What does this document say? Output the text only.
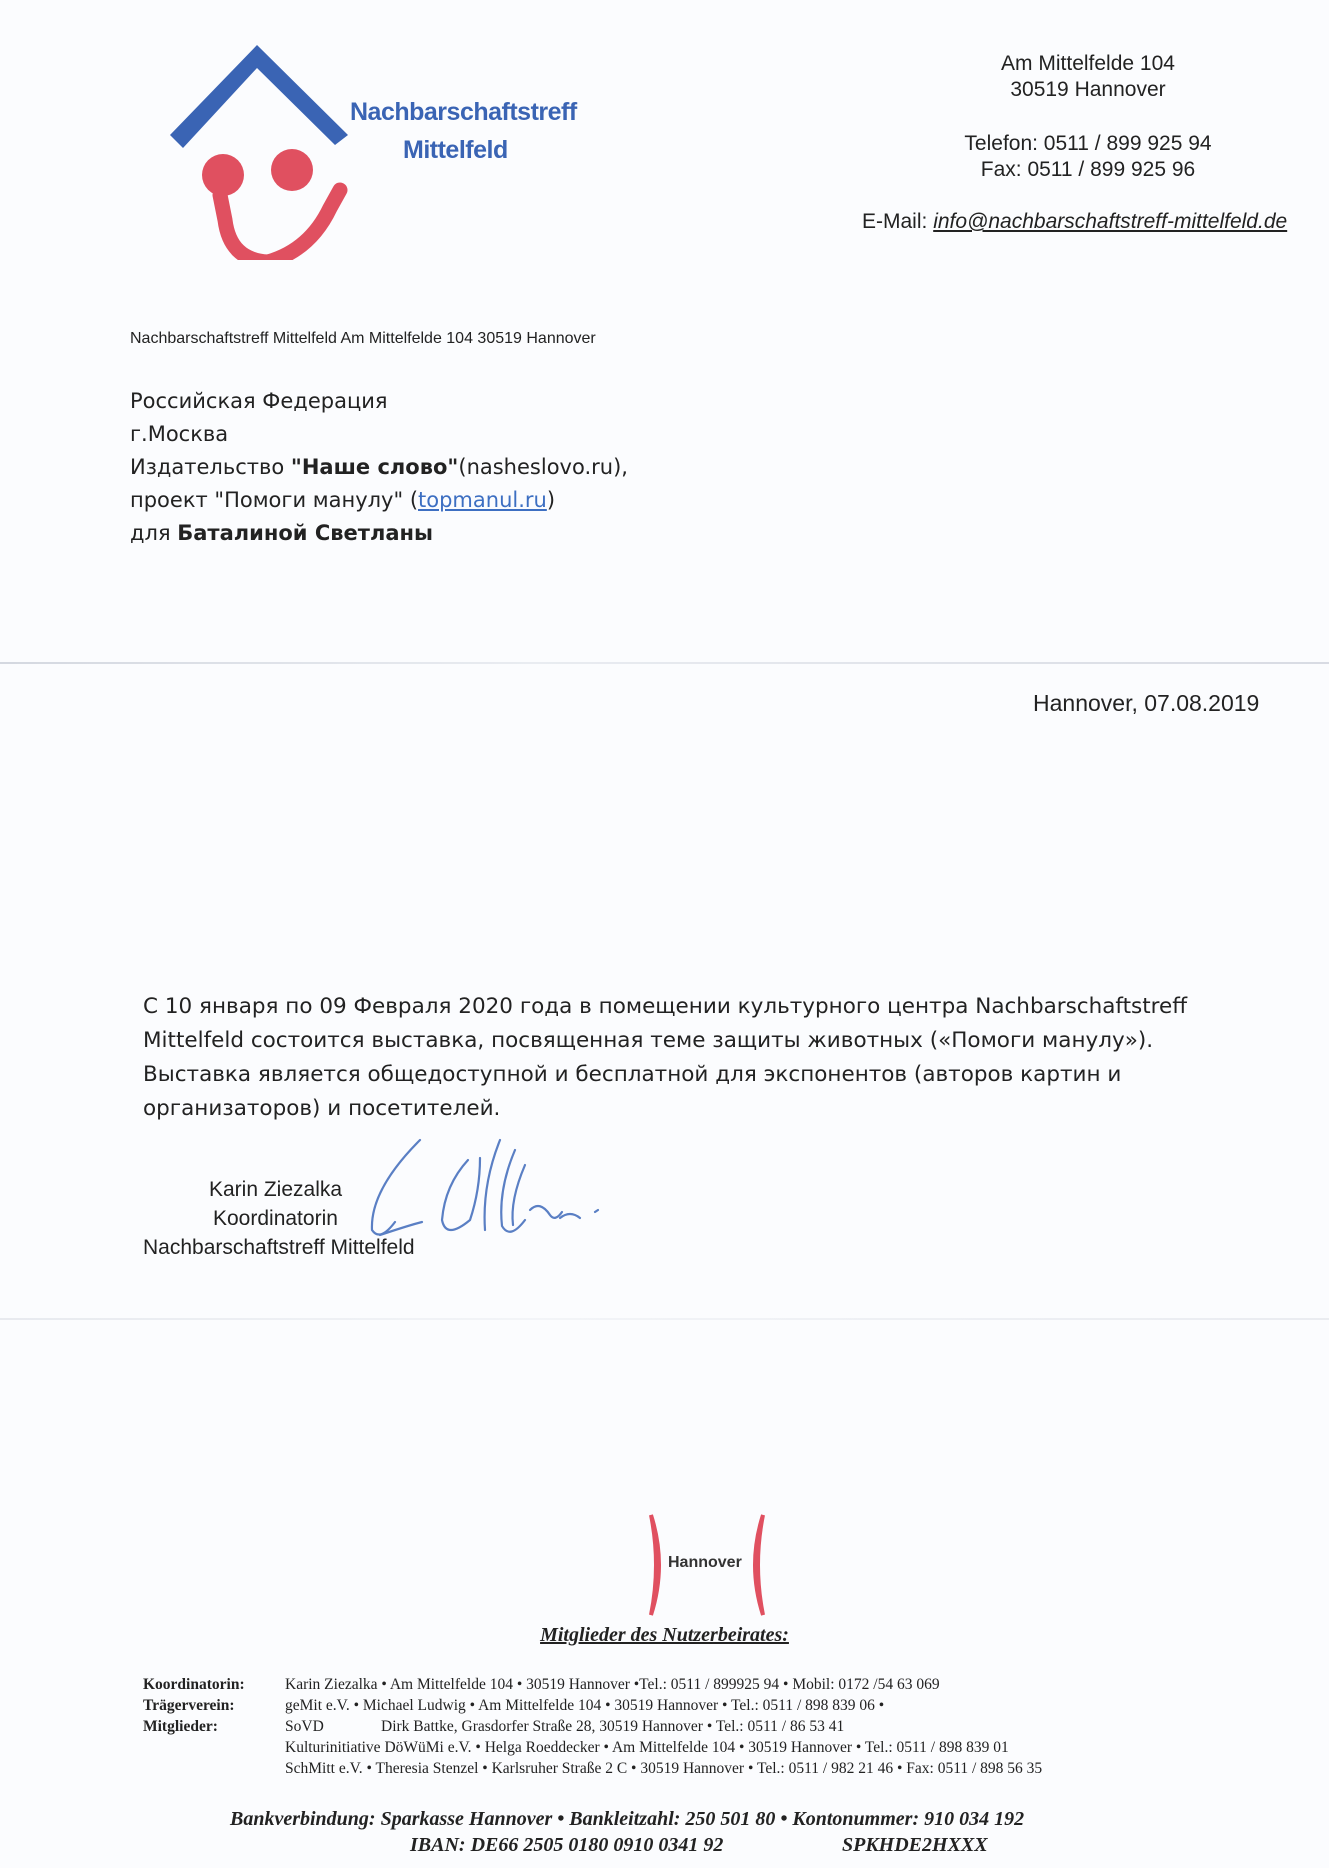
Nachbarschaftstreff
Mittelfeld
Am Mittelfelde 104
30519 Hannover
Telefon: 0511 / 899 925 94
Fax: 0511 / 899 925 96
E-Mail: info@nachbarschaftstreff-mittelfeld.de
Nachbarschaftstreff Mittelfeld Am Mittelfelde 104 30519 Hannover
Российская Федерация
г.Москва
Издательство "Наше слово"(nasheslovo.ru),
проект "Помоги манулу" (topmanul.ru)
для Баталиной Светланы
Hannover, 07.08.2019

С 10 января по 09 Февраля 2020 года в помещении культурного центра Nachbarschaftstreff

Mittelfeld состоится выставка, посвященная теме защиты животных («Помоги манулу»).

Выставка является общедоступной и бесплатной для экспонентов (авторов картин и

организаторов) и посетителей.

Karin Ziezalka
Koordinatorin
Nachbarschaftstreff Mittelfeld
Hannover
Mitglieder des Nutzerbeirates:
Koordinatorin:
Trägerverein:
Mitglieder:
Karin Ziezalka • Am Mittelfelde 104 • 30519 Hannover •Tel.: 0511 / 899925 94 • Mobil: 0172 /54 63 069
geMit e.V. • Michael Ludwig • Am Mittelfelde 104 • 30519 Hannover • Tel.: 0511 / 898 839 06 •
SoVD	Dirk Battke, Grasdorfer Straße 28, 30519 Hannover • Tel.: 0511 / 86 53 41
Kulturinitiative DöWüMi e.V. • Helga Roeddecker • Am Mittelfelde 104 • 30519 Hannover • Tel.: 0511 / 898 839 01
SchMitt e.V. • Theresia Stenzel • Karlsruher Straße 2 C • 30519 Hannover • Tel.: 0511 / 982 21 46 • Fax: 0511 / 898 56 35
Bankverbindung: Sparkasse Hannover • Bankleitzahl: 250 501 80 • Kontonummer: 910 034 192
IBAN: DE66 2505 0180 0910 0341 92	SPKHDE2HXXX
